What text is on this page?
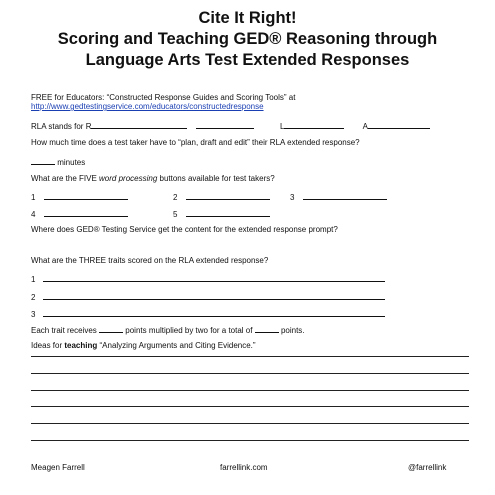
Cite It Right!
Scoring and Teaching GED® Reasoning through
Language Arts Test Extended Responses
FREE for Educators: “Constructed Response Guides and Scoring Tools” at
http://www.gedtestingservice.com/educators/constructedresponse
RLA stands for R	L	A
How much time does a test taker have to “plan, draft and edit” their RLA extended response?
minutes
What are the FIVE word processing buttons available for test takers?
1	2	3
4	5
Where does GED® Testing Service get the content for the extended response prompt?
What are the THREE traits scored on the RLA extended response?
1
2
3
Each trait receives	points multiplied by two for a total of	points.
Ideas for teaching “Analyzing Arguments and Citing Evidence.”
Meagen Farrell	farrellink.com	@farrellink
